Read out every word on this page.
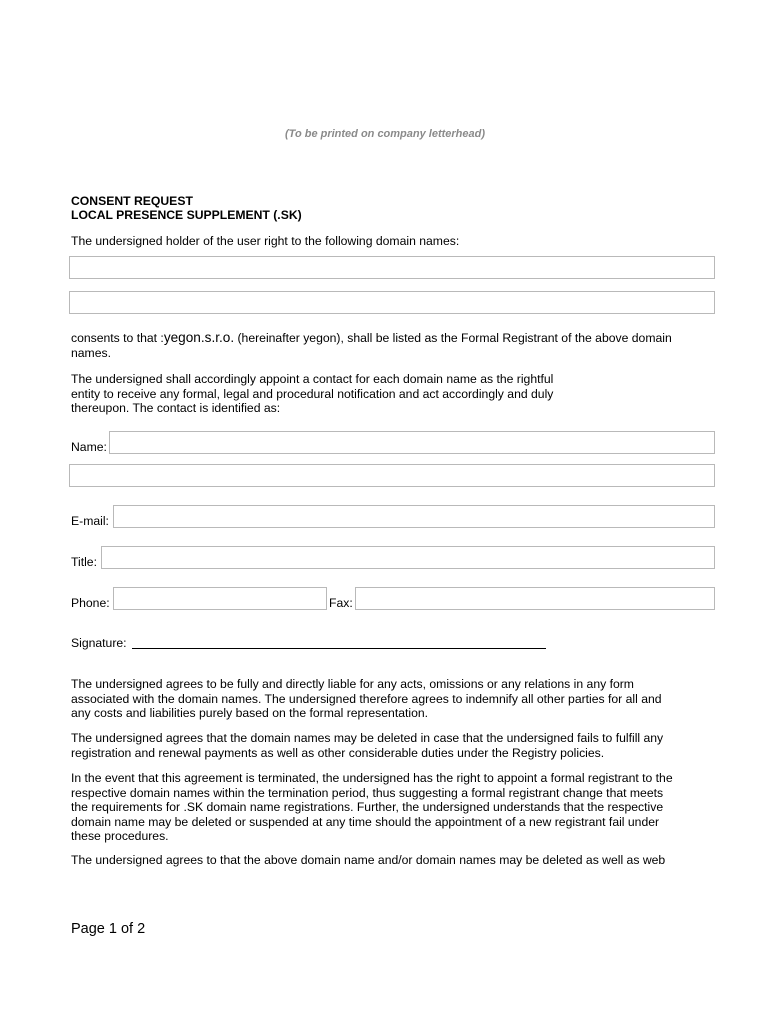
(To be printed on company letterhead)
CONSENT REQUEST
LOCAL PRESENCE SUPPLEMENT (.SK)
The undersigned holder of the user right to the following domain names:
consents to that :yegon.s.r.o. (hereinafter yegon), shall be listed as the Formal Registrant of the above domain
names.
The undersigned shall accordingly appoint a contact for each domain name as the rightful
entity to receive any formal, legal and procedural notification and act accordingly and duly
thereupon. The contact is identified as:
Name:
E-mail:
Title:
Phone:	Fax:
Signature:
The undersigned agrees to be fully and directly liable for any acts, omissions or any relations in any form
associated with the domain names. The undersigned therefore agrees to indemnify all other parties for all and
any costs and liabilities purely based on the formal representation.
The undersigned agrees that the domain names may be deleted in case that the undersigned fails to fulfill any
registration and renewal payments as well as other considerable duties under the Registry policies.
In the event that this agreement is terminated, the undersigned has the right to appoint a formal registrant to the
respective domain names within the termination period, thus suggesting a formal registrant change that meets
the requirements for .SK domain name registrations. Further, the undersigned understands that the respective
domain name may be deleted or suspended at any time should the appointment of a new registrant fail under
these procedures.
The undersigned agrees to that the above domain name and/or domain names may be deleted as well as web
Page 1 of 2
